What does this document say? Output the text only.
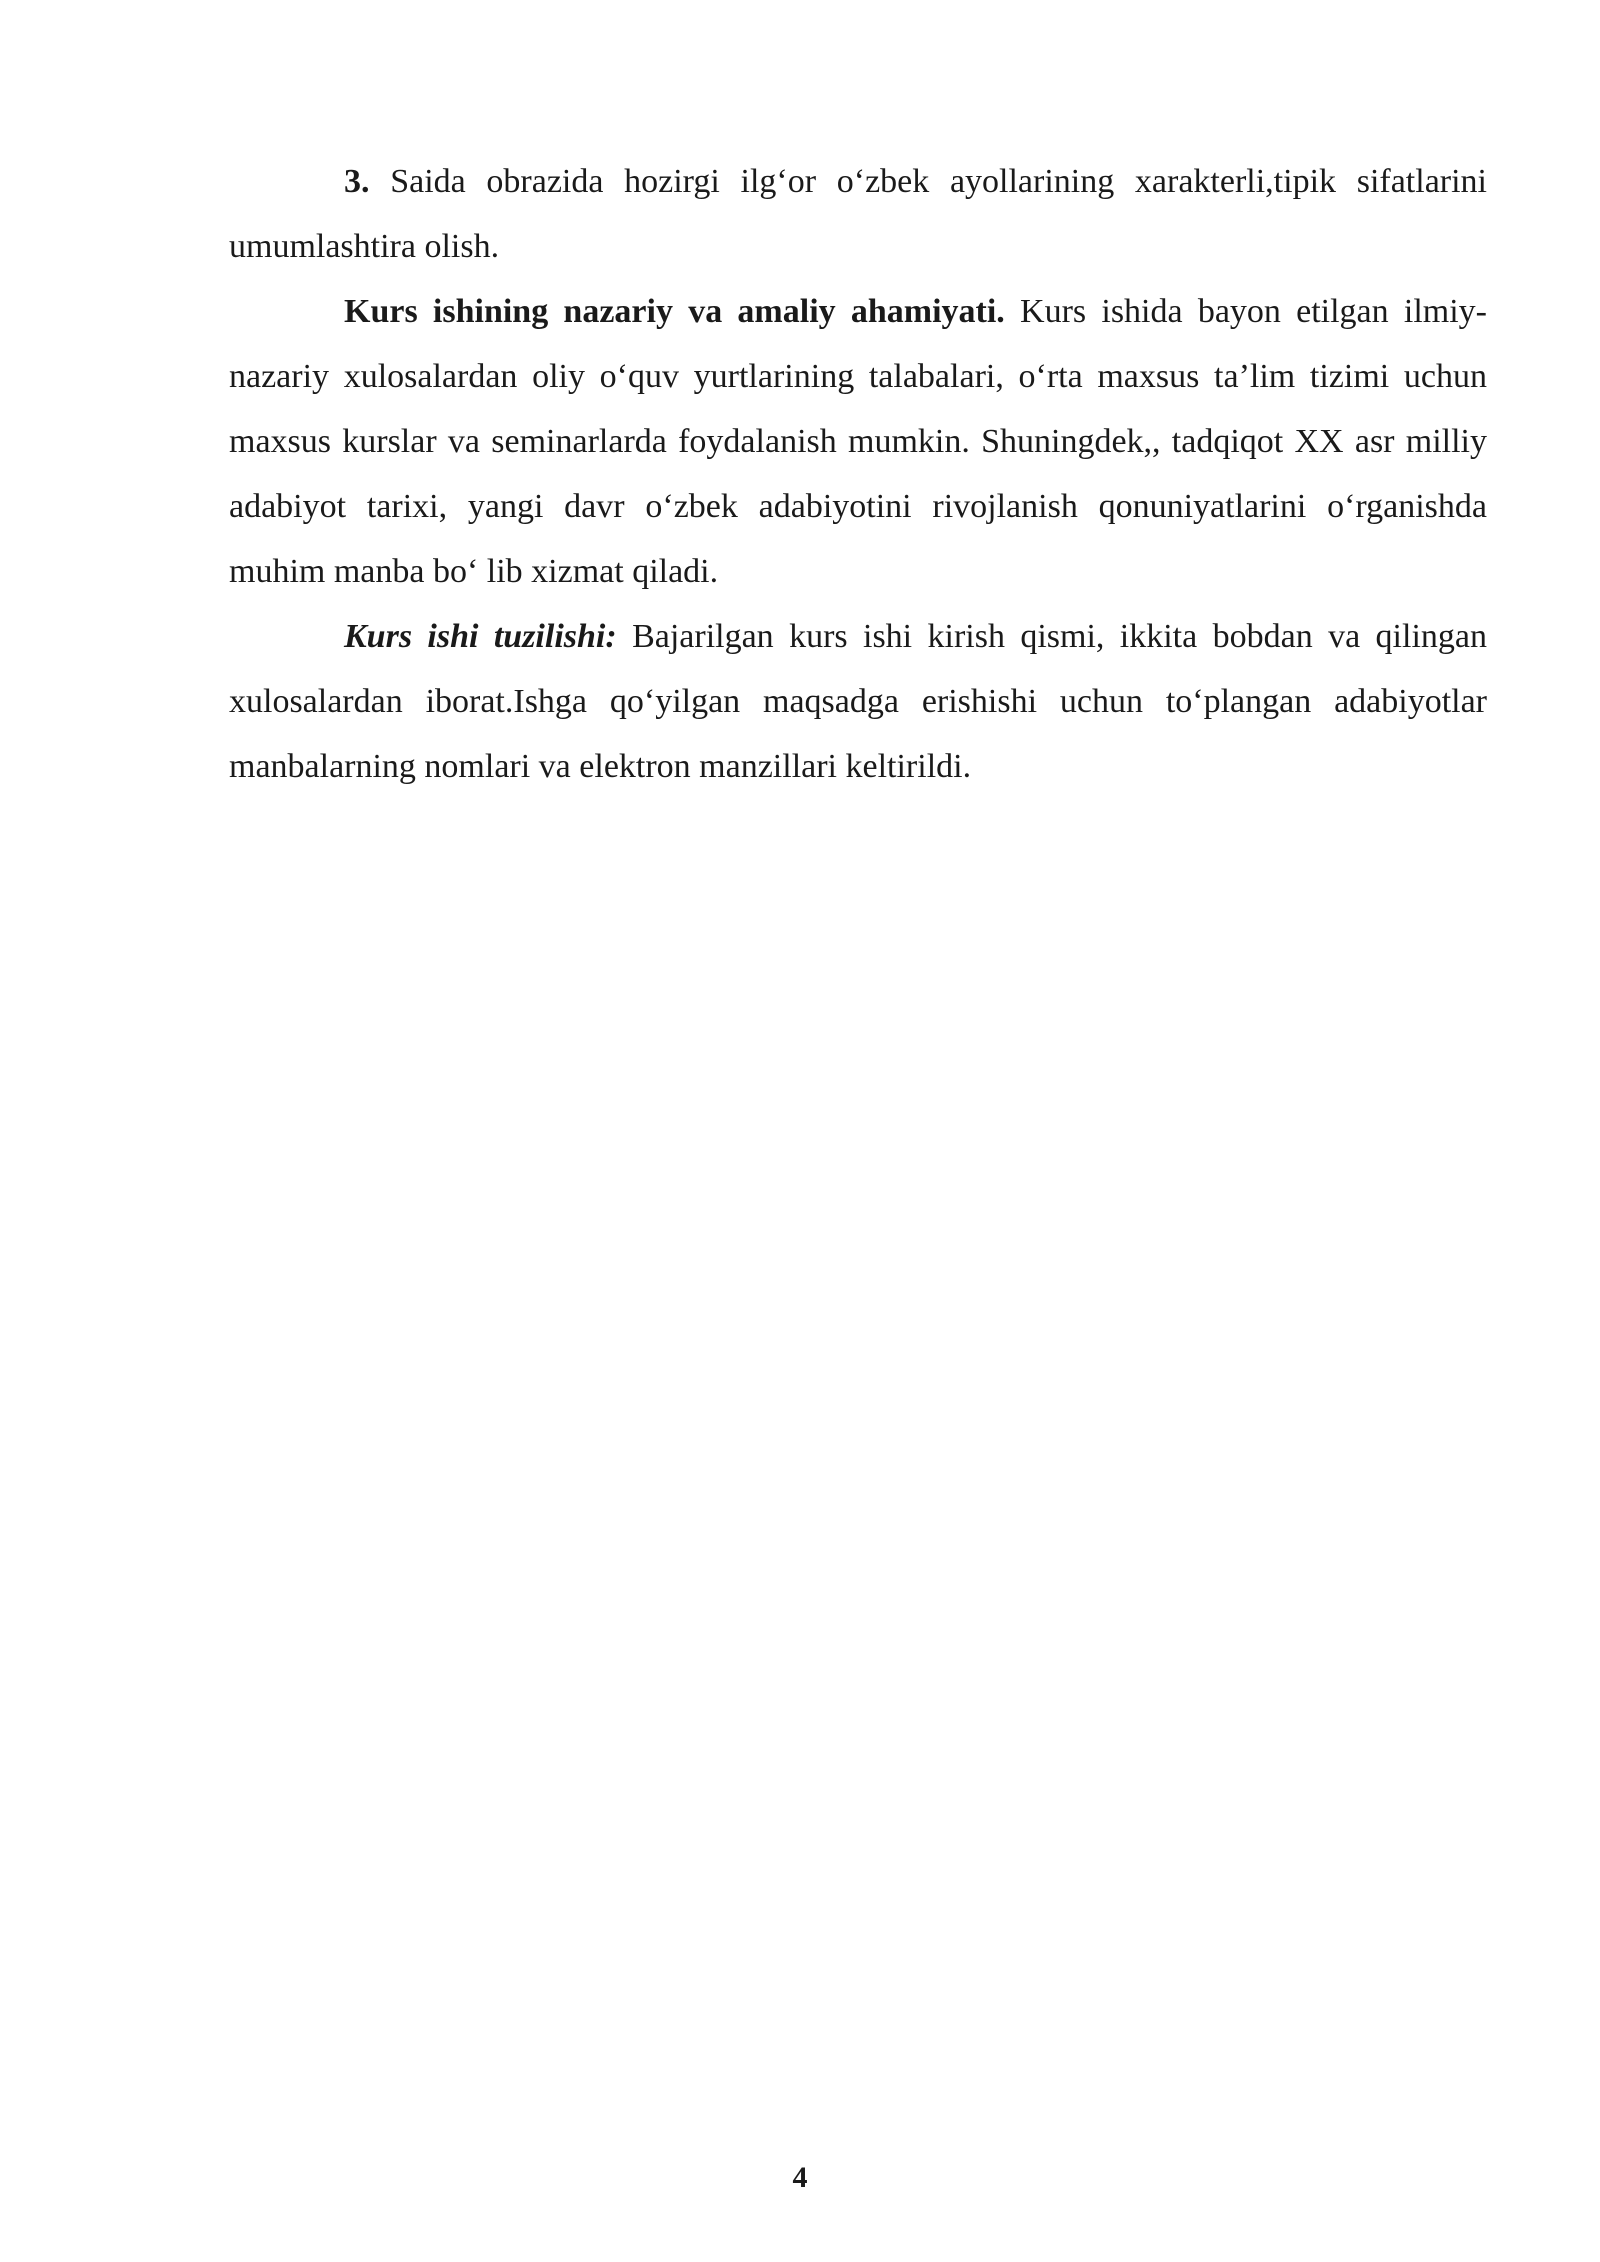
3. Saida obrazida hozirgi ilg‘or o‘zbek ayollarining xarakterli,tipik sifatlarini umumlashtira olish.

Kurs ishining nazariy va amaliy ahamiyati. Kurs ishida bayon etilgan ilmiy-nazariy xulosalardan oliy o‘quv yurtlarining talabalari, o‘rta maxsus ta’lim tizimi uchun maxsus kurslar va seminarlarda foydalanish mumkin. Shuningdek,, tadqiqot XX asr milliy adabiyot tarixi, yangi davr o‘zbek adabiyotini rivojlanish qonuniyatlarini o‘rganishda muhim manba bo‘ lib xizmat qiladi.

Kurs ishi tuzilishi: Bajarilgan kurs ishi kirish qismi, ikkita bobdan va qilingan xulosalardan iborat.Ishga qo‘yilgan maqsadga erishishi uchun to‘plangan adabiyotlar manbalarning nomlari va elektron manzillari keltirildi.

4
